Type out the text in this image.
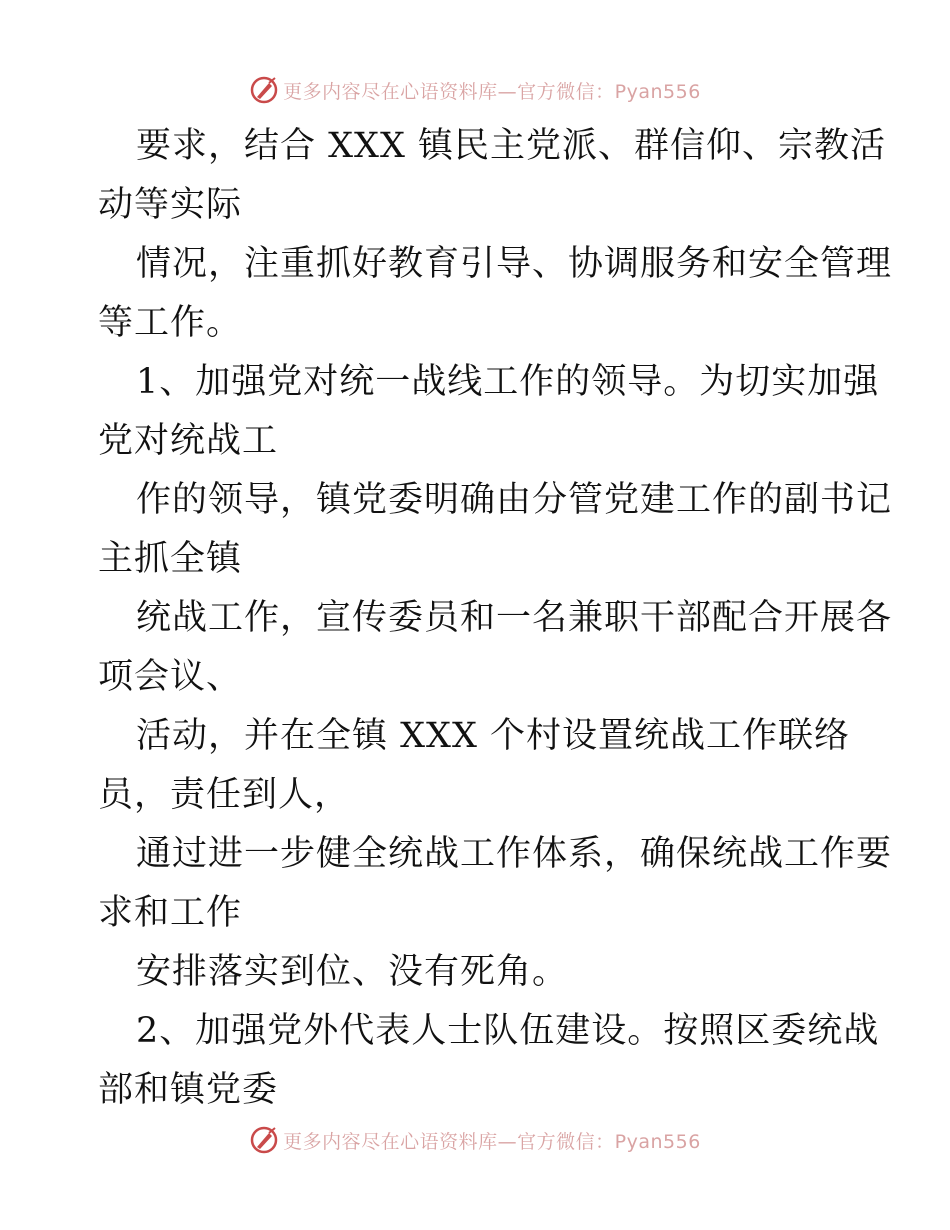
更多内容尽在心语资料库—官方微信：Pyan556
要求，结合 XXX 镇民主党派、群信仰、宗教活
动等实际
情况，注重抓好教育引导、协调服务和安全管理
等工作。
1、加强党对统一战线工作的领导。为切实加强
党对统战工
作的领导，镇党委明确由分管党建工作的副书记
主抓全镇
统战工作，宣传委员和一名兼职干部配合开展各
项会议、
活动，并在全镇 XXX 个村设置统战工作联络
员，责任到人，
通过进一步健全统战工作体系，确保统战工作要
求和工作
安排落实到位、没有死角。
2、加强党外代表人士队伍建设。按照区委统战
部和镇党委
更多内容尽在心语资料库—官方微信：Pyan556
